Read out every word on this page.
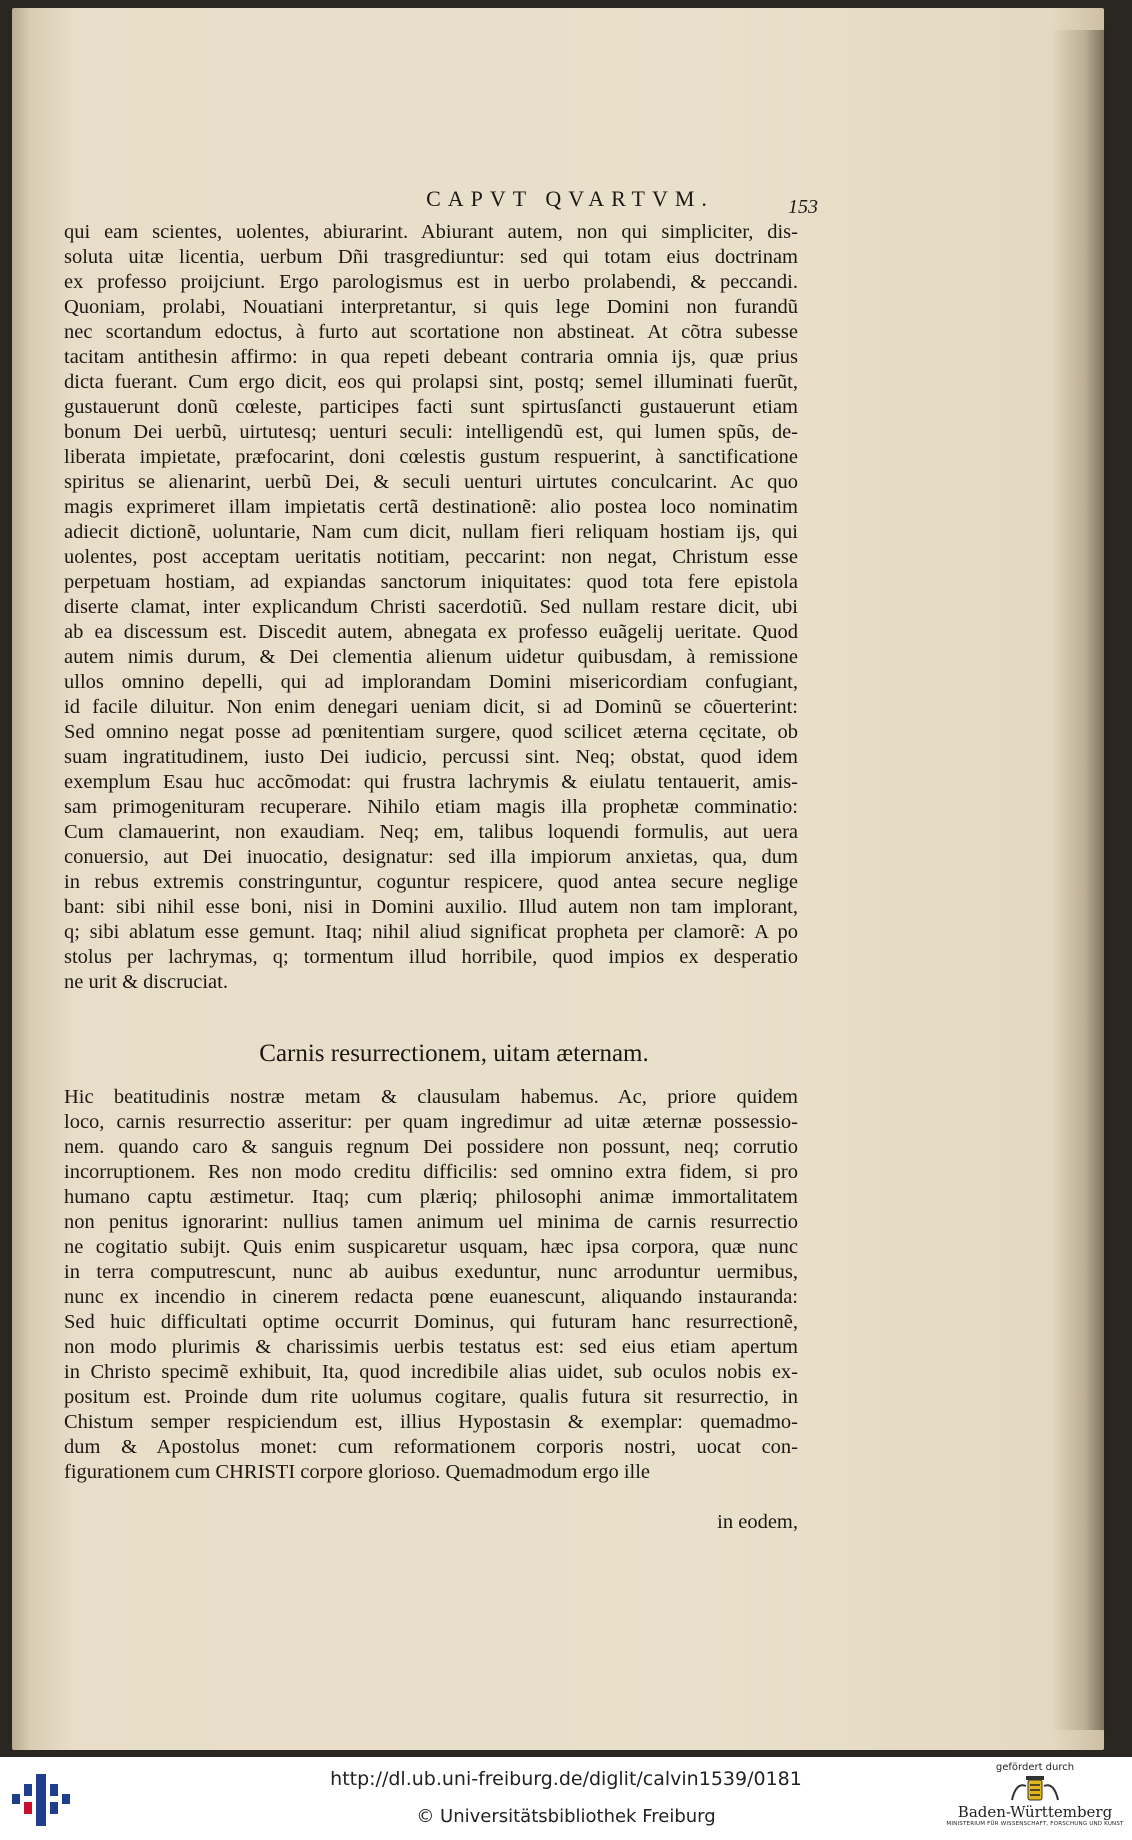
CAPVT QVARTVM.	153
qui eam scientes, uolentes, abiurarint. Abiurant autem, non qui simpliciter, dis-
soluta uitæ licentia, uerbum Dñi trasgrediuntur: sed qui totam eius doctrinam
ex professo proijciunt. Ergo parologismus est in uerbo prolabendi, & peccandi.
Quoniam, prolabi, Nouatiani interpretantur, si quis lege Domini non furandũ
nec scortandum edoctus, à furto aut scortatione non abstineat. At cõtra subesse
tacitam antithesin affirmo: in qua repeti debeant contraria omnia ijs, quæ prius
dicta fuerant. Cum ergo dicit, eos qui prolapsi sint, postq; semel illuminati fuerũt,
gustauerunt donũ cœleste, participes facti sunt spirtusſancti gustauerunt etiam
bonum Dei uerbũ, uirtutesq; uenturi seculi: intelligendũ est, qui lumen spũs, de-
liberata impietate, præfocarint, doni cœlestis gustum respuerint, à sanctificatione
spiritus se alienarint, uerbũ Dei, & seculi uenturi uirtutes conculcarint. Ac quo
magis exprimeret illam impietatis certã destinationẽ: alio postea loco nominatim
adiecit dictionẽ, uoluntarie, Nam cum dicit, nullam fieri reliquam hostiam ijs, qui
uolentes, post acceptam ueritatis notitiam, peccarint: non negat, Christum esse
perpetuam hostiam, ad expiandas sanctorum iniquitates: quod tota fere epistola
diserte clamat, inter explicandum Christi sacerdotiũ. Sed nullam restare dicit, ubi
ab ea discessum est. Discedit autem, abnegata ex professo euãgelij ueritate. Quod
autem nimis durum, & Dei clementia alienum uidetur quibusdam, à remissione
ullos omnino depelli, qui ad implorandam Domini misericordiam confugiant,
id facile diluitur. Non enim denegari ueniam dicit, si ad Dominũ se cõuerterint:
Sed omnino negat posse ad pœnitentiam surgere, quod scilicet æterna cęcitate, ob
suam ingratitudinem, iusto Dei iudicio, percussi sint. Neq; obstat, quod idem
exemplum Esau huc accõmodat: qui frustra lachrymis & eiulatu tentauerit, amis-
sam primogenituram recuperare. Nihilo etiam magis illa prophetæ comminatio:
Cum clamauerint, non exaudiam. Neq; em, talibus loquendi formulis, aut uera
conuersio, aut Dei inuocatio, designatur: sed illa impiorum anxietas, qua, dum
in rebus extremis constringuntur, coguntur respicere, quod antea secure neglige
bant: sibi nihil esse boni, nisi in Domini auxilio. Illud autem non tam implorant,
q; sibi ablatum esse gemunt. Itaq; nihil aliud significat propheta per clamorẽ: A po
stolus per lachrymas, q; tormentum illud horribile, quod impios ex desperatio
ne urit & discruciat.
Carnis resurrectionem, uitam æternam.
Hic beatitudinis nostræ metam & clausulam habemus. Ac, priore quidem
loco, carnis resurrectio asseritur: per quam ingredimur ad uitæ æternæ possessio-
nem. quando caro & sanguis regnum Dei possidere non possunt, neq; corrutio
incorruptionem. Res non modo creditu difficilis: sed omnino extra fidem, si pro
humano captu æstimetur. Itaq; cum plæriq; philosophi animæ immortalitatem
non penitus ignorarint: nullius tamen animum uel minima de carnis resurrectio
ne cogitatio subijt. Quis enim suspicaretur usquam, hæc ipsa corpora, quæ nunc
in terra computrescunt, nunc ab auibus exeduntur, nunc arroduntur uermibus,
nunc ex incendio in cinerem redacta pœne euanescunt, aliquando instauranda:
Sed huic difficultati optime occurrit Dominus, qui futuram hanc resurrectionẽ,
non modo plurimis & charissimis uerbis testatus est: sed eius etiam apertum
in Christo specimẽ exhibuit, Ita, quod incredibile alias uidet, sub oculos nobis ex-
positum est. Proinde dum rite uolumus cogitare, qualis futura sit resurrectio, in
Chistum semper respiciendum est, illius Hypostasin & exemplar: quemadmo-
dum & Apostolus monet: cum reformationem corporis nostri, uocat con-
figurationem cum CHRISTI corpore glorioso. Quemadmodum ergo ille
in eodem,
http://dl.ub.uni-freiburg.de/diglit/calvin1539/0181
© Universitätsbibliothek Freiburg
gefördert durch
Baden-Württemberg
MINISTERIUM FÜR WISSENSCHAFT, FORSCHUNG UND KUNST
